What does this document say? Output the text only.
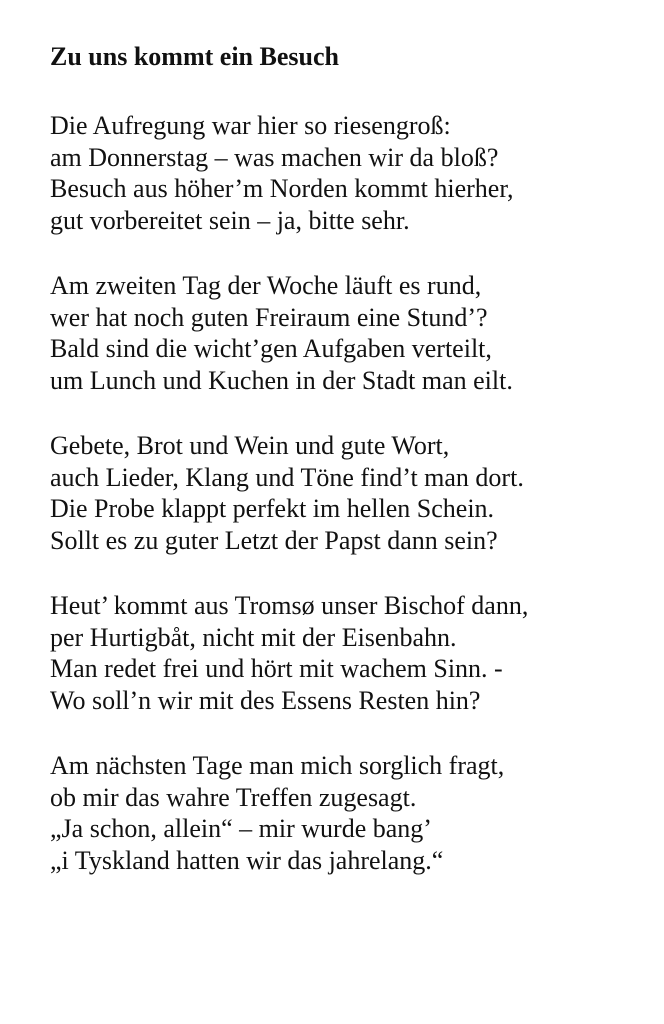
Zu uns kommt ein Besuch
Die Aufregung war hier so riesengroß:
am Donnerstag – was machen wir da bloß?
Besuch aus höher’m Norden kommt hierher,
gut vorbereitet sein – ja, bitte sehr.
Am zweiten Tag der Woche läuft es rund,
wer hat noch guten Freiraum eine Stund’?
Bald sind die wicht’gen Aufgaben verteilt,
um Lunch und Kuchen in der Stadt man eilt.
Gebete, Brot und Wein und gute Wort,
auch Lieder, Klang und Töne find’t man dort.
Die Probe klappt perfekt im hellen Schein.
Sollt es zu guter Letzt der Papst dann sein?
Heut’ kommt aus Tromsø unser Bischof dann,
per Hurtigbåt, nicht mit der Eisenbahn.
Man redet frei und hört mit wachem Sinn. -
Wo soll’n wir mit des Essens Resten hin?
Am nächsten Tage man mich sorglich fragt,
ob mir das wahre Treffen zugesagt.
„Ja schon, allein“ – mir wurde bang’
„i Tyskland hatten wir das jahrelang.“
